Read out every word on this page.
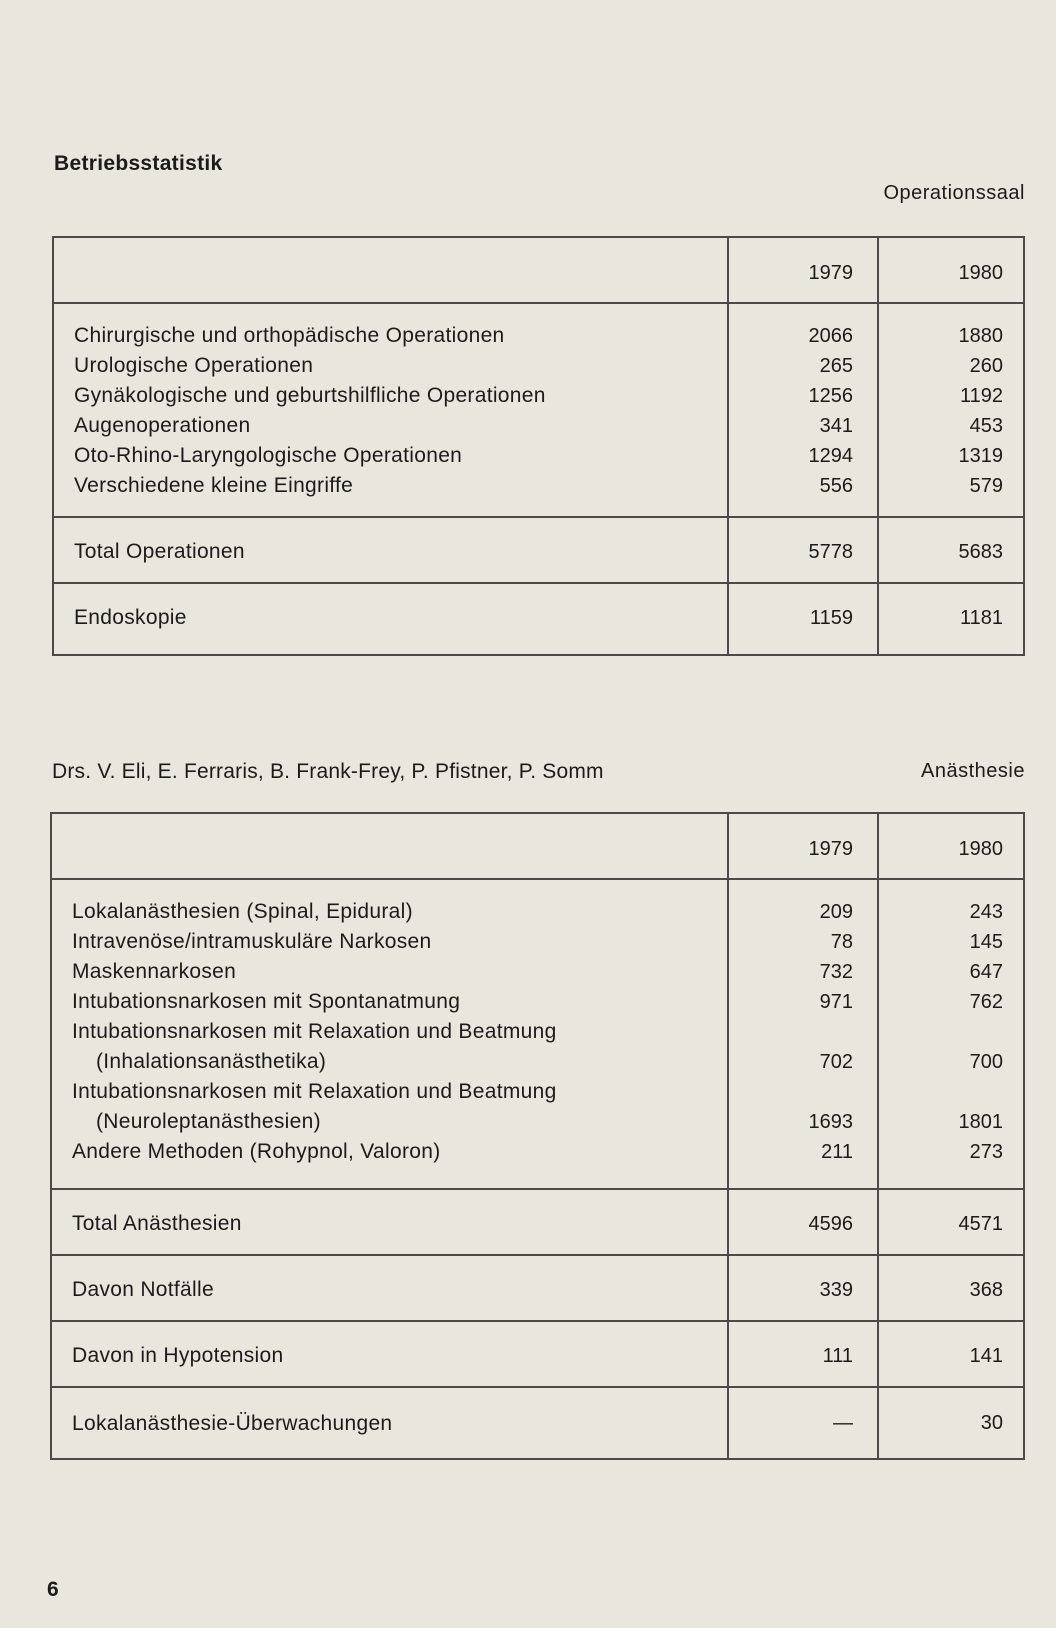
Betriebsstatistik
Operationssaal
1979	1980
Chirurgische und orthopädische Operationen	2066	1880
Urologische Operationen	265	260
Gynäkologische und geburtshilfliche Operationen	1256	1192
Augenoperationen	341	453
Oto-Rhino-Laryngologische Operationen	1294	1319
Verschiedene kleine Eingriffe	556	579
Total Operationen	5778	5683
Endoskopie	1159	1181
Drs. V. Eli, E. Ferraris, B. Frank-Frey, P. Pfistner, P. Somm	Anästhesie
1979	1980
Lokalanästhesien (Spinal, Epidural)	209	243
Intravenöse/intramuskuläre Narkosen	78	145
Maskennarkosen	732	647
Intubationsnarkosen mit Spontanatmung	971	762
Intubationsnarkosen mit Relaxation und Beatmung
(Inhalationsanästhetika)	702	700
Intubationsnarkosen mit Relaxation und Beatmung
(Neuroleptanästhesien)	1693	1801
Andere Methoden (Rohypnol, Valoron)	211	273
Total Anästhesien	4596	4571
Davon Notfälle	339	368
Davon in Hypotension	111	141
Lokalanästhesie-Überwachungen	—	30
6
